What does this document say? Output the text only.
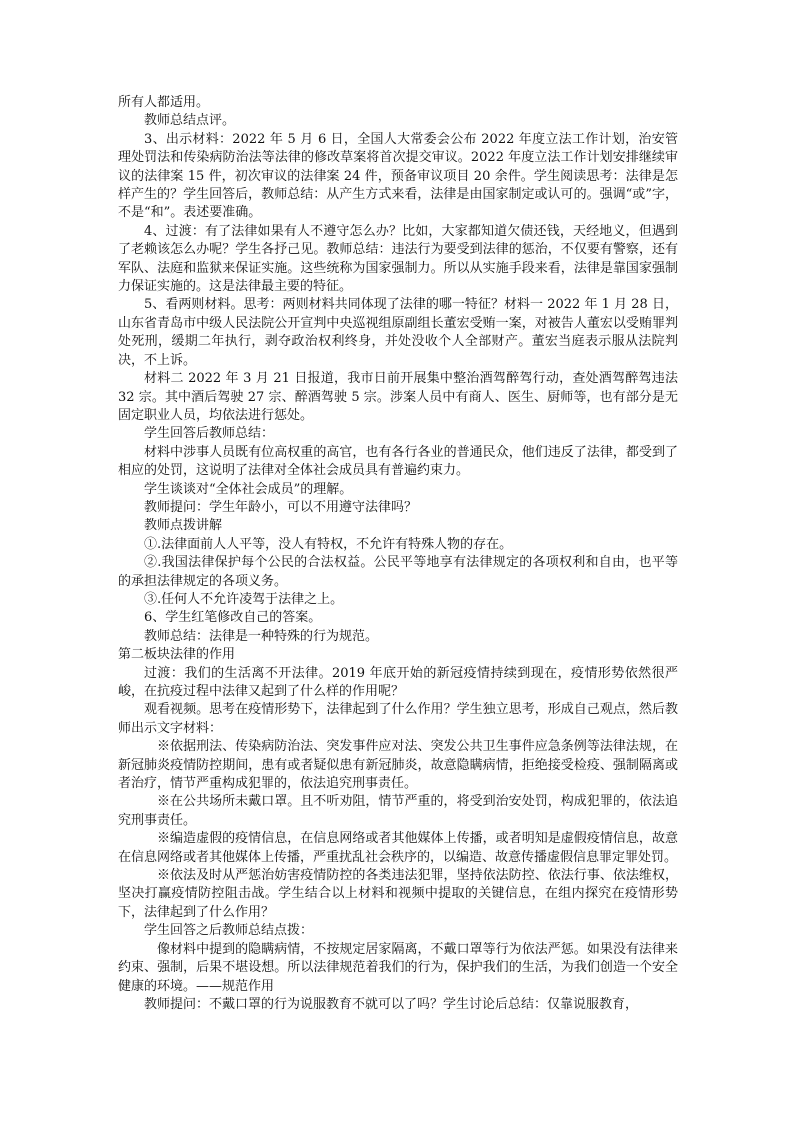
所有人都适用。

教师总结点评。

3、出示材料：2022 年 5 月 6 日，全国人大常委会公布 2022 年度立法工作计划，治安管理处罚法和传染病防治法等法律的修改草案将首次提交审议。2022 年度立法工作计划安排继续审议的法律案 15 件，初次审议的法律案 24 件，预备审议项目 20 余件。学生阅读思考：法律是怎样产生的？学生回答后，教师总结：从产生方式来看，法律是由国家制定或认可的。强调“或”字，不是“和”。表述要准确。

4、过渡：有了法律如果有人不遵守怎么办？比如，大家都知道欠债还钱，天经地义，但遇到了老赖该怎么办呢？学生各抒己见。教师总结：违法行为要受到法律的惩治，不仅要有警察，还有军队、法庭和监狱来保证实施。这些统称为国家强制力。所以从实施手段来看，法律是靠国家强制力保证实施的。这是法律最主要的特征。

5、看两则材料。思考：两则材料共同体现了法律的哪一特征？材料一 2022 年 1 月 28 日，山东省青岛市中级人民法院公开宣判中央巡视组原副组长董宏受贿一案，对被告人董宏以受贿罪判处死刑，缓期二年执行，剥夺政治权利终身，并处没收个人全部财产。董宏当庭表示服从法院判决，不上诉。

材料二 2022 年 3 月 21 日报道，我市日前开展集中整治酒驾醉驾行动，查处酒驾醉驾违法 32 宗。其中酒后驾驶 27 宗、醉酒驾驶 5 宗。涉案人员中有商人、医生、厨师等，也有部分是无固定职业人员，均依法进行惩处。

学生回答后教师总结：

材料中涉事人员既有位高权重的高官，也有各行各业的普通民众，他们违反了法律，都受到了相应的处罚，这说明了法律对全体社会成员具有普遍约束力。

学生谈谈对“全体社会成员”的理解。

教师提问：学生年龄小，可以不用遵守法律吗？

教师点拨讲解

①.法律面前人人平等，没人有特权，不允许有特殊人物的存在。

②.我国法律保护每个公民的合法权益。公民平等地享有法律规定的各项权利和自由，也平等的承担法律规定的各项义务。

③.任何人不允许凌驾于法律之上。

6、学生红笔修改自己的答案。

教师总结：法律是一种特殊的行为规范。

第二板块法律的作用

过渡：我们的生活离不开法律。2019 年底开始的新冠疫情持续到现在，疫情形势依然很严峻，在抗疫过程中法律又起到了什么样的作用呢？

观看视频。思考在疫情形势下，法律起到了什么作用？学生独立思考，形成自己观点，然后教师出示文字材料：

※依据刑法、传染病防治法、突发事件应对法、突发公共卫生事件应急条例等法律法规，在新冠肺炎疫情防控期间，患有或者疑似患有新冠肺炎，故意隐瞒病情，拒绝接受检疫、强制隔离或者治疗，情节严重构成犯罪的，依法追究刑事责任。

※在公共场所未戴口罩。且不听劝阻，情节严重的，将受到治安处罚，构成犯罪的，依法追究刑事责任。

※编造虚假的疫情信息，在信息网络或者其他媒体上传播，或者明知是虚假疫情信息，故意在信息网络或者其他媒体上传播，严重扰乱社会秩序的，以编造、故意传播虚假信息罪定罪处罚。

※依法及时从严惩治妨害疫情防控的各类违法犯罪，坚持依法防控、依法行事、依法维权，坚决打赢疫情防控阻击战。学生结合以上材料和视频中提取的关键信息，在组内探究在疫情形势下，法律起到了什么作用？

学生回答之后教师总结点拨：

像材料中提到的隐瞒病情，不按规定居家隔离，不戴口罩等行为依法严惩。如果没有法律来约束、强制，后果不堪设想。所以法律规范着我们的行为，保护我们的生活，为我们创造一个安全健康的环境。——规范作用

教师提问：不戴口罩的行为说服教育不就可以了吗？学生讨论后总结：仅靠说服教育，
